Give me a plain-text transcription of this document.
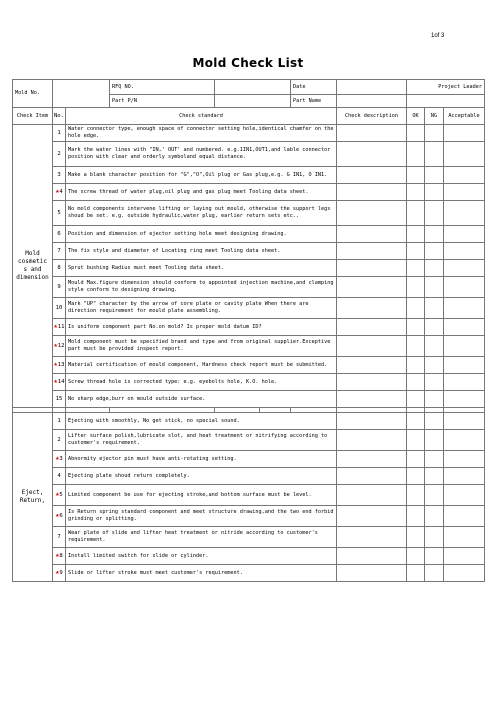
1of 3
Mold Check List
Mold No.			RFQ NO.			Date		Project Leader		
			Part P/N			Part Name				
Check Item	No.	Check standard					Check description	OK	NG	Acceptable
Mold cosmetic s and dimension	1	Water connector type, enough space of connector setting hole,identical chamfer on the hole edge.								
	2	Mark the water lines with "IN,' OUT' and numbered. e.g.1IN1,OUT1,and lable connector position with clear and orderly symboland equal distance.								
	3	Make a blank character position for "G","O",Oil plug or Gas plug,e.g. G IN1, O IN1.								
	★4	The screw thread of water plug,oil plug and gas plug meet Tooling data sheet.								
	5	No mold components intervene lifting or laying out mould, otherwise the support legs shoud be set. e.g. outside hydraulic,water plug, earlier return sets etc..								
	6	Position and dimension of ejector setting hole meet designing drawing.								
	7	The fix style and diameter of Locating ring meet Tooling data sheet.								
	8	Sprut bushing Radius must meet Tooling data sheet.								
	9	Mould Max.figure dimension should conform to appointed injection machine,and clamping style conform to designing drawing.								
	10	Mark "UP" character by the arrow of core plate or cavity plate When there are direction requirement for mould plate assembling.								
	★11	Is uniform component part No.on mold? Is proper mold datum ID?								
	★12	Mold component must be specified brand and type and from original supplier.Exceptive part must be provided inspect report.								
	★13	Material certification of mould component, Hardness check report must be submitted.								
	★14	Screw thread hole is corrected type: e.g. eyebolts hole, K.O. hole.								
	15	No sharp edge,burr on mould outside surface.								

Eject, Return,	1	Ejecting with smoothly, No get stick, no special sound.								
	2	Lifter surface polish,lubricate slot, and heat treatment or nitrifying according to customer's requirement.								
	★3	Abnormity ejector pin must have anti-rotating setting.								
	4	Ejecting plate shoud return completely.								
	★5	Limited component be use for ejecting stroke,and bottom surface must be level.								
	★6	Is Return spring standard component and meet structure drawing,and the two end forbid grinding or splitting.								
	7	Wear plate of slide and lifter heat treatment or nitride according to customer's requirement.								
	★8	Install limited switch for slide or cylinder.								
	★9	Slide or lifter stroke must meet customer's requirement.								
